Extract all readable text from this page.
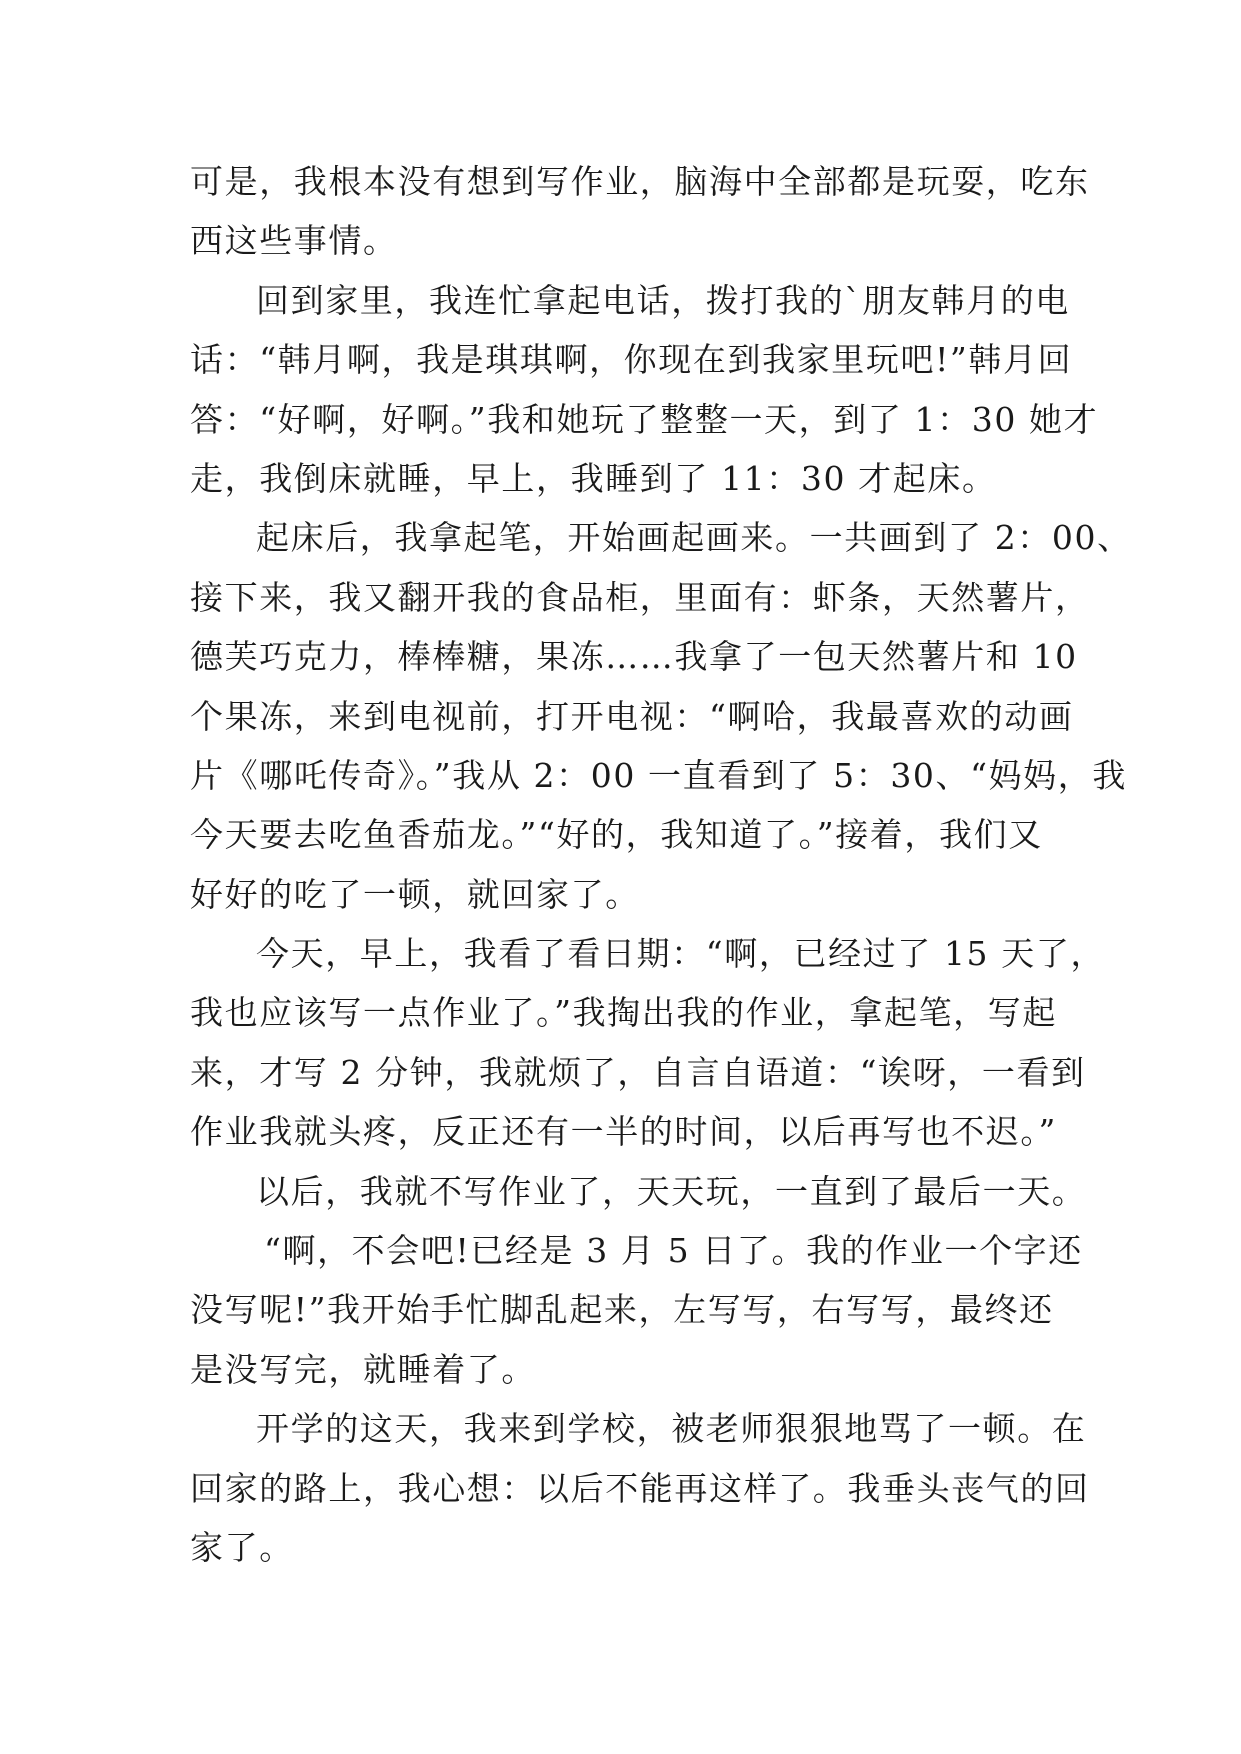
可是，我根本没有想到写作业，脑海中全部都是玩耍，吃东
西这些事情。
回到家里，我连忙拿起电话，拨打我的`朋友韩月的电
话：“韩月啊，我是琪琪啊，你现在到我家里玩吧!”韩月回
答：“好啊，好啊。”我和她玩了整整一天，到了 1：30 她才
走，我倒床就睡，早上，我睡到了 11：30 才起床。
起床后，我拿起笔，开始画起画来。一共画到了 2：00、
接下来，我又翻开我的食品柜，里面有：虾条，天然薯片，
德芙巧克力，棒棒糖，果冻……我拿了一包天然薯片和 10
个果冻，来到电视前，打开电视：“啊哈，我最喜欢的动画
片《哪吒传奇》。”我从 2：00 一直看到了 5：30、“妈妈，我
今天要去吃鱼香茄龙。”“好的，我知道了。”接着，我们又
好好的吃了一顿，就回家了。
今天，早上，我看了看日期：“啊，已经过了 15 天了，
我也应该写一点作业了。”我掏出我的作业，拿起笔，写起
来，才写 2 分钟，我就烦了，自言自语道：“诶呀，一看到
作业我就头疼，反正还有一半的时间，以后再写也不迟。”
以后，我就不写作业了，天天玩，一直到了最后一天。
“啊，不会吧!已经是 3 月 5 日了。我的作业一个字还
没写呢!”我开始手忙脚乱起来，左写写，右写写，最终还
是没写完，就睡着了。
开学的这天，我来到学校，被老师狠狠地骂了一顿。在
回家的路上，我心想：以后不能再这样了。我垂头丧气的回
家了。
